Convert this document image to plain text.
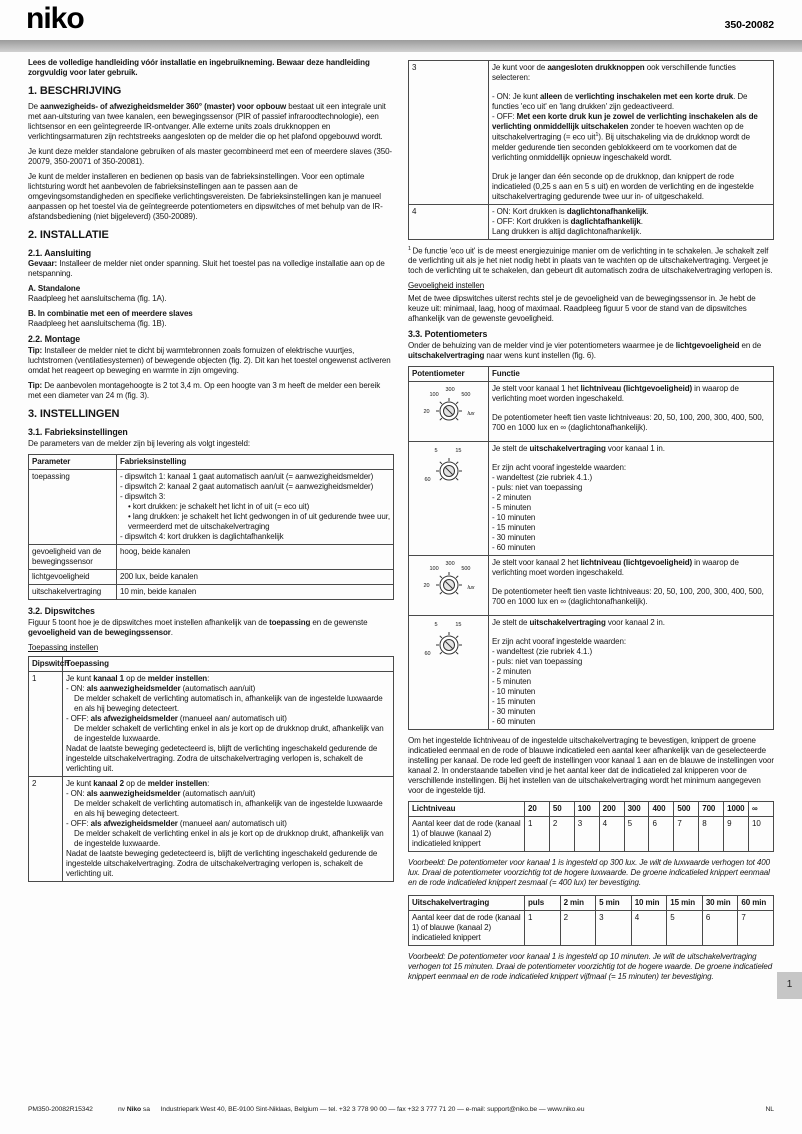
niko	350-20082

Lees de volledige handleiding vóór installatie en ingebruikneming. Bewaar deze handleiding zorgvuldig voor later gebruik.

1. BESCHRIJVING
De aanwezigheids- of afwezigheidsmelder 360° (master) voor opbouw bestaat uit een integrale unit met aan-uitsturing van twee kanalen, een bewegingssensor (PIR of passief infraroodtechnologie), een lichtsensor en een geïntegreerde IR-ontvanger. Alle externe units zoals drukknoppen en verlichtingsarmaturen zijn rechtstreeks aangesloten op de melder die op het plafond opgebouwd wordt.

Je kunt deze melder standalone gebruiken of als master gecombineerd met een of meerdere slaves (350-20079, 350-20071 of 350-20081).

Je kunt de melder installeren en bedienen op basis van de fabrieksinstellingen. Voor een optimale lichtsturing wordt het aanbevolen de fabrieksinstellingen aan te passen aan de omgevingsomstandigheden en specifieke verlichtingsvereisten. De fabrieksinstellingen kan je manueel aanpassen op het toestel via de geïntegreerde potentiometers en dipswitches of met behulp van de IR-afstandsbediening (niet bijgeleverd) (350-20089).

2. INSTALLATIE
2.1. Aansluiting
Gevaar: Installeer de melder niet onder spanning. Sluit het toestel pas na volledige installatie aan op de netspanning.
A. Standalone

Raadpleeg het aansluitschema (fig. 1A).

B. In combinatie met een of meerdere slaves

Raadpleeg het aansluitschema (fig. 1B).

2.2. Montage
Tip: Installeer de melder niet te dicht bij warmtebronnen zoals fornuizen of elektrische vuurtjes, luchtstromen (ventilatiesystemen) of bewegende objecten (fig. 2). Dit kan het toestel ongewenst activeren omdat het reageert op beweging en warmte in zijn omgeving.
Tip: De aanbevolen montagehoogte is 2 tot 3,4 m. Op een hoogte van 3 m heeft de melder een bereik met een diameter van 24 m (fig. 3).
3. INSTELLINGEN
3.1. Fabrieksinstellingen

De parameters van de melder zijn bij levering als volgt ingesteld:

Parameter	Fabrieksinstelling
toepassing	- dipswitch 1: kanaal 1 gaat automatisch aan/uit (= aanwezigheidsmelder)
- dipswitch 2: kanaal 2 gaat automatisch aan/uit (= aanwezigheidsmelder)
- dipswitch 3:
• kort drukken: je schakelt het licht in of uit (= eco uit)
• lang drukken: je schakelt het licht gedwongen in of uit gedurende twee uur, vermeerderd met de uitschakelvertraging
- dipswitch 4: kort drukken is daglichtafhankelijk

gevoeligheid van de bewegingssensor	hoog, beide kanalen
lichtgevoeligheid	200 lux, beide kanalen
uitschakelvertraging	10 min, beide kanalen
3.2. Dipswitches
Figuur 5 toont hoe je de dipswitches moet instellen afhankelijk van de toepassing en de gewenste gevoeligheid van de bewegingssensor.

Toepassing instellen

Dipswitch	Toepassing
1	Je kunt kanaal 1 op de melder instellen:
- ON: als aanwezigheidsmelder (automatisch aan/uit)
De melder schakelt de verlichting automatisch in, afhankelijk van de ingestelde luxwaarde en als hij beweging detecteert.
- OFF: als afwezigheidsmelder (manueel aan/ automatisch uit)
De melder schakelt de verlichting enkel in als je kort op de drukknop drukt, afhankelijk van de ingestelde luxwaarde.
Nadat de laatste beweging gedetecteerd is, blijft de verlichting ingeschakeld gedurende de ingestelde uitschakelvertraging. Zodra de uitschakelvertraging verlopen is, schakelt de verlichting uit.

2	Je kunt kanaal 2 op de melder instellen:
- ON: als aanwezigheidsmelder (automatisch aan/uit)
De melder schakelt de verlichting automatisch in, afhankelijk van de ingestelde luxwaarde en als hij beweging detecteert.
- OFF: als afwezigheidsmelder (manueel aan/ automatisch uit)
De melder schakelt de verlichting enkel in als je kort op de drukknop drukt, afhankelijk van de ingestelde luxwaarde.
Nadat de laatste beweging gedetecteerd is, blijft de verlichting ingeschakeld gedurende de ingestelde uitschakelvertraging. Zodra de uitschakelvertraging verlopen is, schakelt de verlichting uit.
3	Je kunt voor de aangesloten drukknoppen ook verschillende functies selecteren:
- ON: Je kunt alleen de verlichting inschakelen met een korte druk. De functies 'eco uit' en 'lang drukken' zijn gedeactiveerd.
- OFF: Met een korte druk kun je zowel de verlichting inschakelen als de verlichting onmiddellijk uitschakelen zonder te hoeven wachten op de uitschakelvertraging (= eco uit$^1$). Bij uitschakeling via de drukknop wordt de melder gedurende tien seconden geblokkeerd om te voorkomen dat de verlichting onmiddellijk opnieuw ingeschakeld wordt.
Druk je langer dan één seconde op de drukknop, dan knippert de rode indicatieled (0,25 s aan en 5 s uit) en worden de verlichting en de ingestelde uitschakelvertraging gedurende twee uur in- of uitgeschakeld.

4	- ON: Kort drukken is daglichtonafhankelijk.
- OFF: Kort drukken is daglichtafhankelijk.
Lang drukken is altijd daglichtonafhankelijk.
$^1$ De functie 'eco uit' is de meest energiezuinige manier om de verlichting in te schakelen. Je schakelt zelf de verlichting uit als je het niet nodig hebt in plaats van te wachten op de uitschakelvertraging. Vergeet je toch de verlichting uit te schakelen, dan gebeurt dit automatisch zodra de uitschakelvertraging verlopen is.

Gevoeligheid instellen

Met de twee dipswitches uiterst rechts stel je de gevoeligheid van de bewegingssensor in. Je hebt de keuze uit: minimaal, laag, hoog of maximaal. Raadpleeg figuur 5 voor de stand van de dipswitches afhankelijk van de gewenste gevoeligheid.

3.3. Potentiometers
Onder de behuizing van de melder vind je vier potentiometers waarmee je de lichtgevoeligheid en de uitschakelvertraging naar wens kunt instellen (fig. 6).
Potentiometer	Functie

20
100
300
500
lux

Je stelt voor kanaal 1 het lichtniveau (lichtgevoeligheid) in waarop de verlichting moet worden ingeschakeld.
De potentiometer heeft tien vaste lichtniveaus: 20, 50, 100, 200, 300, 400, 500, 700 en 1000 lux en ∞ (daglichtonafhankelijk).

5	15
60

Je stelt de uitschakelvertraging voor kanaal 1 in.
Er zijn acht vooraf ingestelde waarden:
- wandeltest (zie rubriek 4.1.)
- puls: niet van toepassing
- 2 minuten
- 5 minuten
- 10 minuten
- 15 minuten
- 30 minuten
- 60 minuten

20
100
300
500
lux

Je stelt voor kanaal 2 het lichtniveau (lichtgevoeligheid) in waarop de verlichting moet worden ingeschakeld.
De potentiometer heeft tien vaste lichtniveaus: 20, 50, 100, 200, 300, 400, 500, 700 en 1000 lux en ∞ (daglichtonafhankelijk).

5	15
60

Je stelt de uitschakelvertraging voor kanaal 2 in.
Er zijn acht vooraf ingestelde waarden:
- wandeltest (zie rubriek 4.1.)
- puls: niet van toepassing
- 2 minuten
- 5 minuten
- 10 minuten
- 15 minuten
- 30 minuten
- 60 minuten

Om het ingestelde lichtniveau of de ingestelde uitschakelvertraging te bevestigen, knippert de groene indicatieled eenmaal en de rode of blauwe indicatieled een aantal keer afhankelijk van de geselecteerde instelling per kanaal. De rode led geeft de instellingen voor kanaal 1 aan en de blauwe de instellingen voor kanaal 2. In onderstaande tabellen vind je het aantal keer dat de indicatieled zal knipperen voor de verschillende instellingen. Bij het instellen van de uitschakelvertraging wordt het minimum aangegeven voor de ingestelde tijd.

Lichtniveau	20	50	100	200	300	400	500	700	1000	∞
Aantal keer dat de rode (kanaal 1) of blauwe (kanaal 2) indicatieled knippert	1	2	3	4	5	6	7	8	9	10

Voorbeeld: De potentiometer voor kanaal 1 is ingesteld op 300 lux. Je wilt de luxwaarde verhogen tot 400 lux. Draai de potentiometer voorzichtig tot de hogere luxwaarde. De groene indicatieled knippert eenmaal en de rode indicatieled knippert zesmaal (= 400 lux) ter bevestiging.

Uitschakelvertraging	puls	2 min	5 min	10 min	15 min	30 min	60 min
Aantal keer dat de rode (kanaal 1) of blauwe (kanaal 2) indicatieled knippert	1	2	3	4	5	6	7

Voorbeeld: De potentiometer voor kanaal 1 is ingesteld op 10 minuten. Je wilt de uitschakelvertraging verhogen tot 15 minuten. Draai de potentiometer voorzichtig tot de hogere waarde. De groene indicatieled knippert eenmaal en de rode indicatieled knippert vijfmaal (= 15 minuten) ter bevestiging.

1
PM350-20082R15342	nv Niko sa      Industriepark West 40, BE-9100 Sint-Niklaas, Belgium — tel. +32 3 778 90 00 — fax +32 3 777 71 20 — e-mail: support@niko.be — www.niko.eu	NL
